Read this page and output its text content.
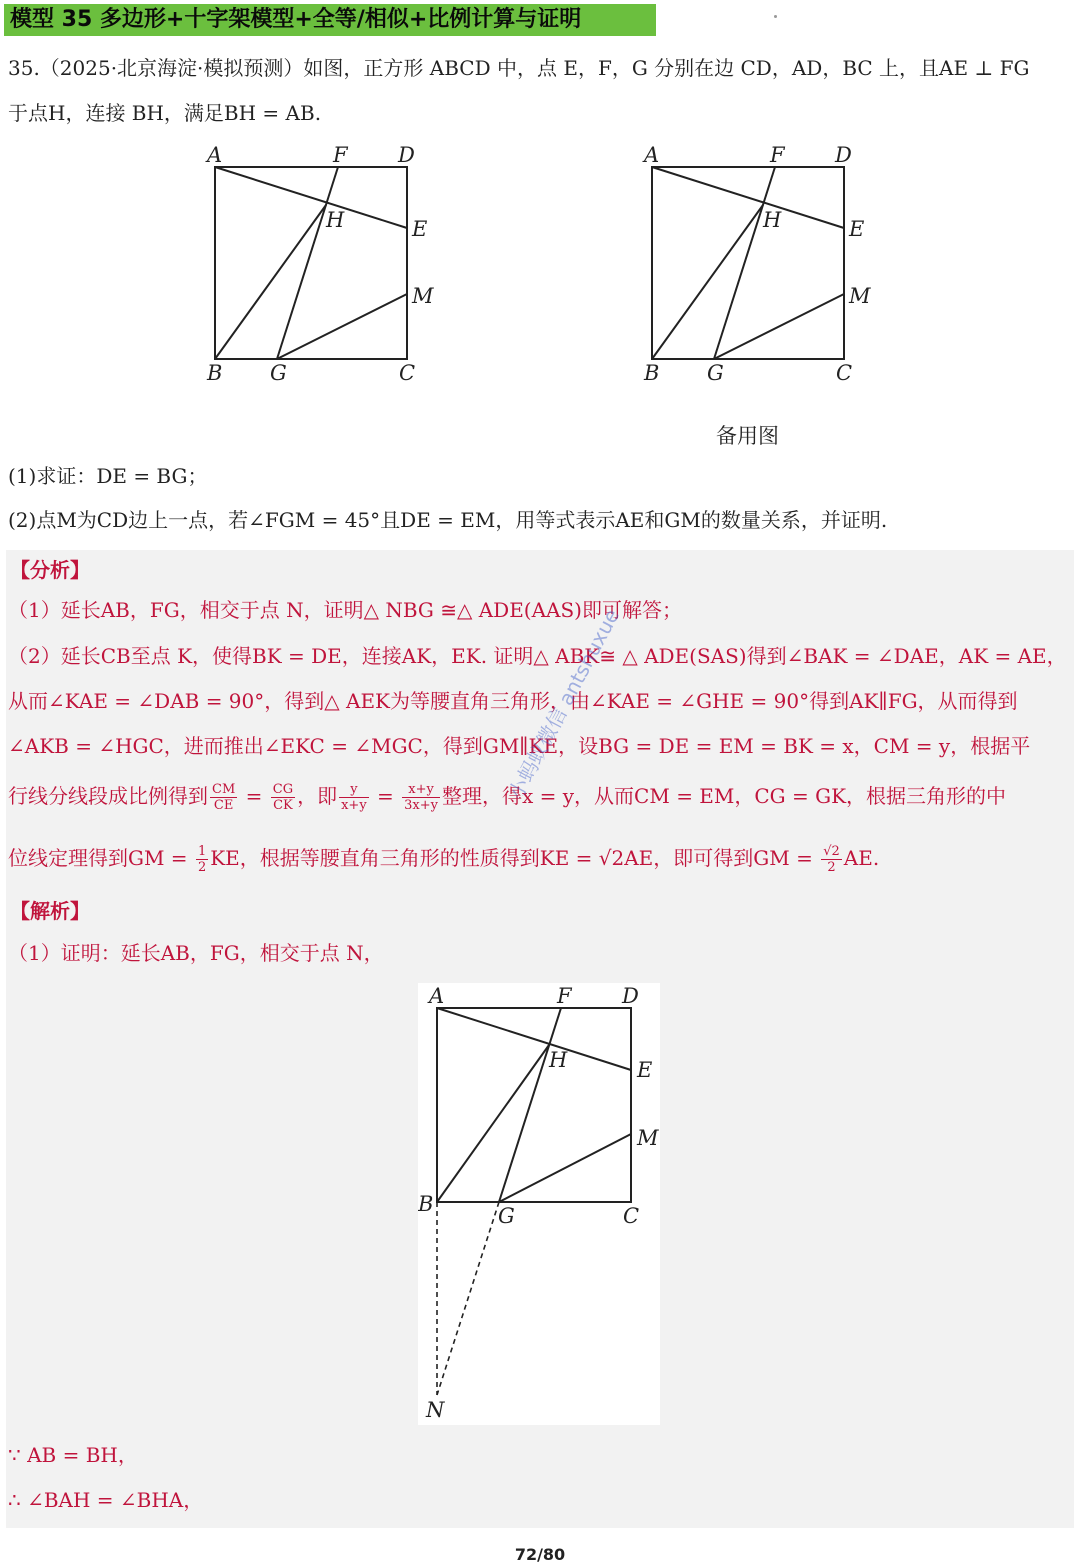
模型 35 多边形+十字架模型+全等/相似+比例计算与证明
35.（2025·北京海淀·模拟预测）如图，正方形 ABCD 中，点 E，F，G 分别在边 CD，AD，BC 上，且AE ⊥ FG
于点H，连接 BH，满足BH = AB.
A	F D
H	E
M
B G	C
A	F D
H	E
M
B G	C
备用图
(1)求证：DE = BG；
(2)点M为CD边上一点，若∠FGM = 45°且DE = EM，用等式表示AE和GM的数量关系，并证明.
【分析】
（1）延长AB，FG，相交于点 N，证明△ NBG ≅△ ADE(AAS)即可解答；
（2）延长CB至点 K，使得BK = DE，连接AK，EK. 证明△ ABK≅ △ ADE(SAS)得到∠BAK = ∠DAE，AK = AE，
从而∠KAE = ∠DAB = 90°，得到△ AEK为等腰直角三角形，由∠KAE = ∠GHE = 90°得到AK∥FG，从而得到
∠AKB = ∠HGC，进而推出∠EKC = ∠MGC，得到GM∥KE，设BG = DE = EM = BK = x，CM = y，根据平
行线分线段成比例得到 $\frac{CM}{CE} = \frac{CG}{CK}$ ，即 $\frac{y}{x+y} = \frac{x+y}{3x+y}$ 整理，得x = y，从而CM = EM，CG = GK，根据三角形的中
位线定理得到GM = $\frac{1}{2}$ KE，根据等腰直角三角形的性质得到KE = √2AE，即可得到GM = $\frac{√2}{2}$ AE.
【解析】
（1）证明：延长AB，FG，相交于点 N，
A	F D
H	E
M
B	G	C
N
∵ AB = BH，
∴ ∠BAH = ∠BHA，
小蚂蚁微信 antshuxue
72/80
